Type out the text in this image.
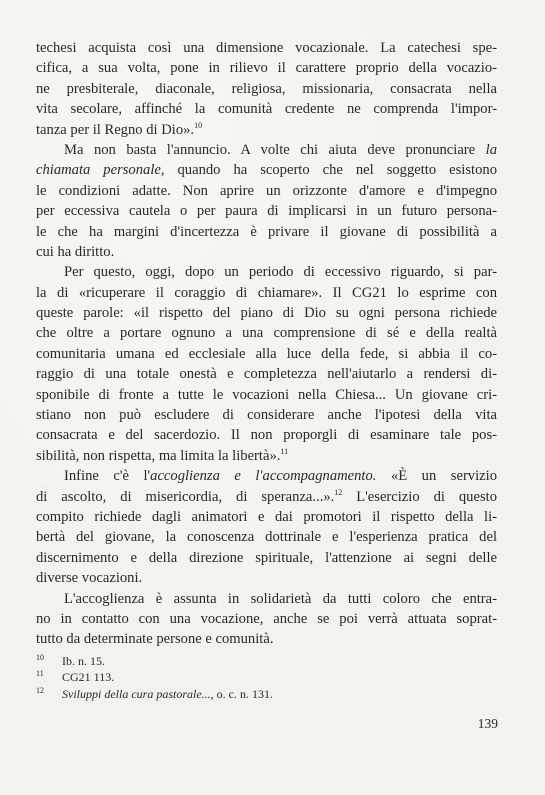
—
techesi acquista così una dimensione vocazionale. La catechesi spe-
cifica, a sua volta, pone in rilievo il carattere proprio della vocazio-
ne presbiterale, diaconale, religiosa, missionaria, consacrata nella
vita secolare, affinché la comunità credente ne comprenda l'impor-
tanza per il Regno di Dio».$^{10}$
Ma non basta l'annuncio. A volte chi aiuta deve pronunciare la
chiamata personale, quando ha scoperto che nel soggetto esistono
le condizioni adatte. Non aprire un orizzonte d'amore e d'impegno
per eccessiva cautela o per paura di implicarsi in un futuro persona-
le che ha margini d'incertezza è privare il giovane di possibilità a
cui ha diritto.
Per questo, oggi, dopo un periodo di eccessivo riguardo, si par-
la di «ricuperare il coraggio di chiamare». Il CG21 lo esprime con
queste parole: «il rispetto del piano di Dio su ogni persona richiede
che oltre a portare ognuno a una comprensione di sé e della realtà
comunitaria umana ed ecclesiale alla luce della fede, si abbia il co-
raggio di una totale onestà e completezza nell'aiutarlo a rendersi di-
sponibile di fronte a tutte le vocazioni nella Chiesa... Un giovane cri-
stiano non può escludere di considerare anche l'ipotesi della vita
consacrata e del sacerdozio. Il non proporgli di esaminare tale pos-
sibilità, non rispetta, ma limita la libertà».$^{11}$
Infine c'è l'accoglienza e l'accompagnamento. «È un servizio
di ascolto, di misericordia, di speranza...».$^{12}$ L'esercizio di questo
compito richiede dagli animatori e dai promotori il rispetto della li-
bertà del giovane, la conoscenza dottrinale e l'esperienza pratica del
discernimento e della direzione spirituale, l'attenzione ai segni delle
diverse vocazioni.
L'accoglienza è assunta in solidarietà da tutti coloro che entra-
no in contatto con una vocazione, anche se poi verrà attuata soprat-
tutto da determinate persone e comunità.
10 Ib. n. 15.
11 CG21 113.
12 Sviluppi della cura pastorale..., o. c. n. 131.
139
